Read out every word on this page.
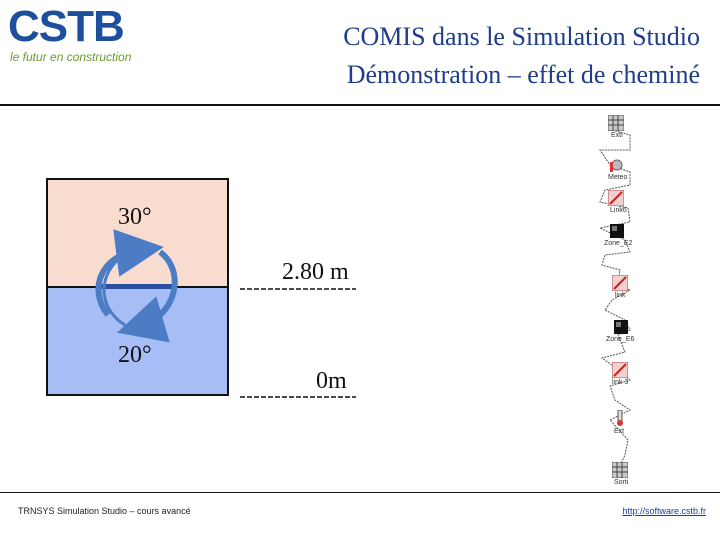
CSTB
le futur en construction
COMIS dans le Simulation Studio
Démonstration – effet de cheminé
30°
20°
2.80 m
0m
Exti
Meteo
Link6
Zone_E2
link
Zone_E6
link 3
Ext
Sorti
TRNSYS Simulation Studio – cours avancé	http://software.cstb.fr
